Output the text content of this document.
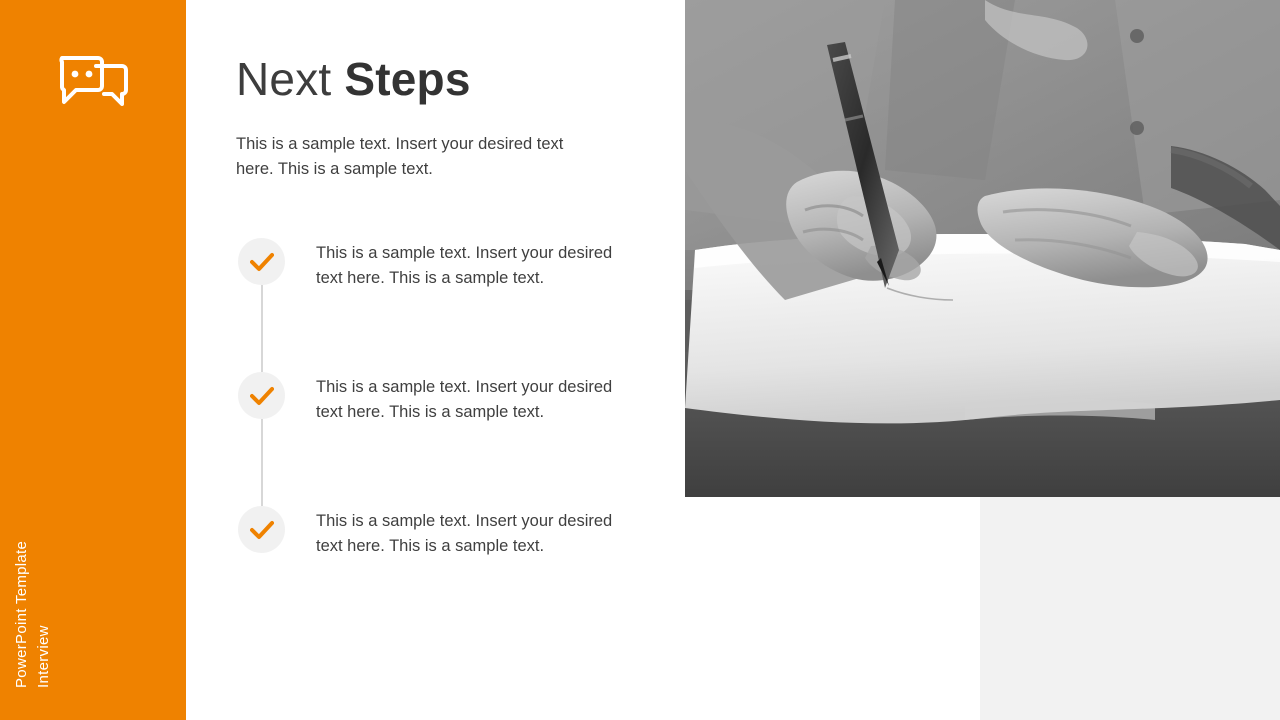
Interview
PowerPoint Template
Next Steps
This is a sample text. Insert your desired text here. This is a sample text.
This is a sample text. Insert your desired text here. This is a sample text.
This is a sample text. Insert your desired text here. This is a sample text.
This is a sample text. Insert your desired text here. This is a sample text.
